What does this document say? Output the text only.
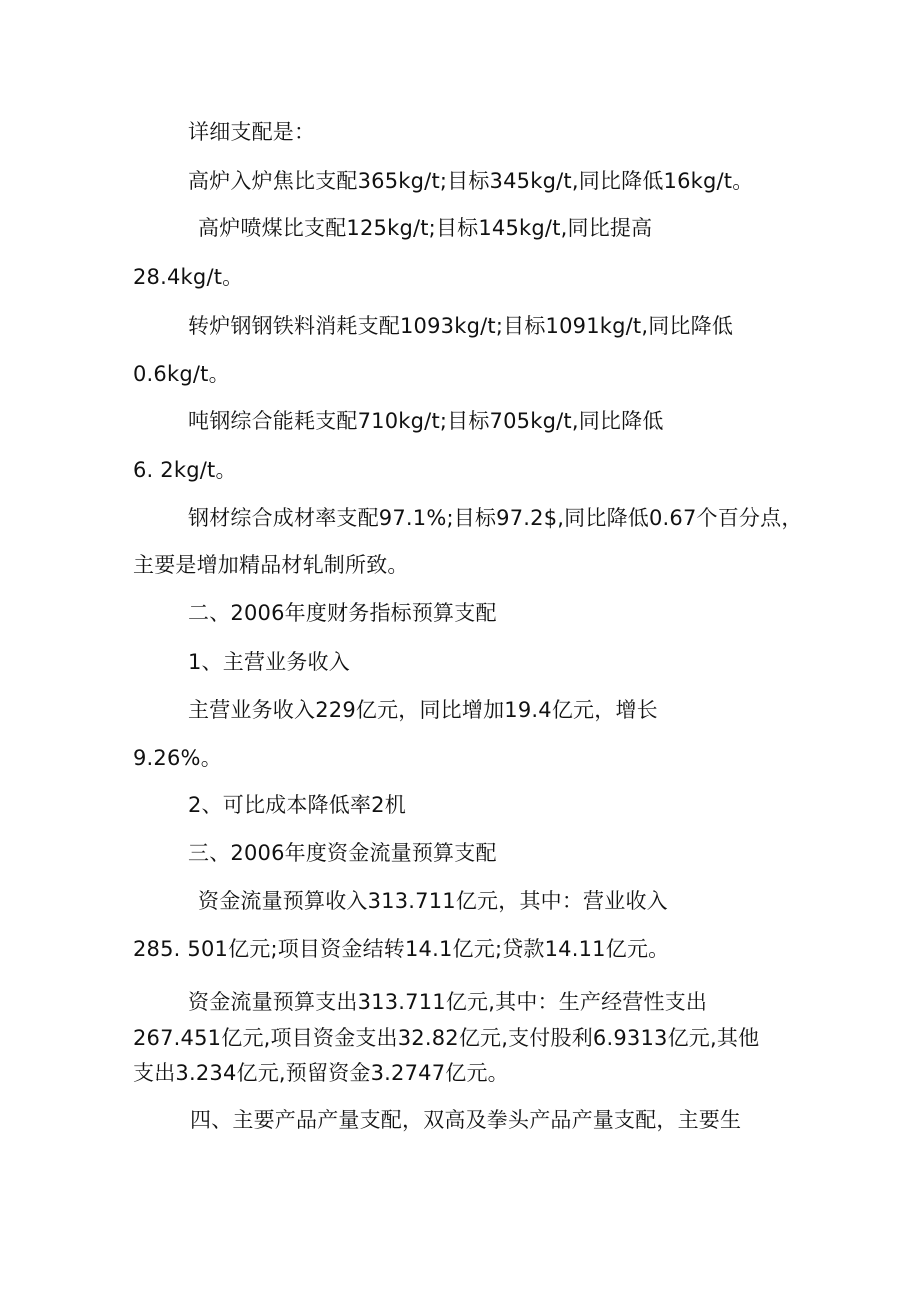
详细支配是：
高炉入炉焦比支配365kg/t;目标345kg/t,同比降低16kg/t。
高炉喷煤比支配125kg/t;目标145kg/t,同比提高
28.4kg/t。
转炉钢钢铁料消耗支配1093kg/t;目标1091kg/t,同比降低
0.6kg/t。
吨钢综合能耗支配710kg/t;目标705kg/t,同比降低
6. 2kg/t。
钢材综合成材率支配97.1%;目标97.2$,同比降低0.67个百分点，
主要是增加精品材轧制所致。
二、2006年度财务指标预算支配
1、主营业务收入
主营业务收入229亿元，同比增加19.4亿元，增长
9.26%。
2、可比成本降低率2机
三、2006年度资金流量预算支配
资金流量预算收入313.711亿元，其中：营业收入
285. 501亿元;项目资金结转14.1亿元;贷款14.11亿元。
资金流量预算支出313.711亿元,其中：生产经营性支出
267.451亿元,项目资金支出32.82亿元,支付股利6.9313亿元,其他
支出3.234亿元,预留资金3.2747亿元。
四、主要产品产量支配，双高及拳头产品产量支配，主要生
